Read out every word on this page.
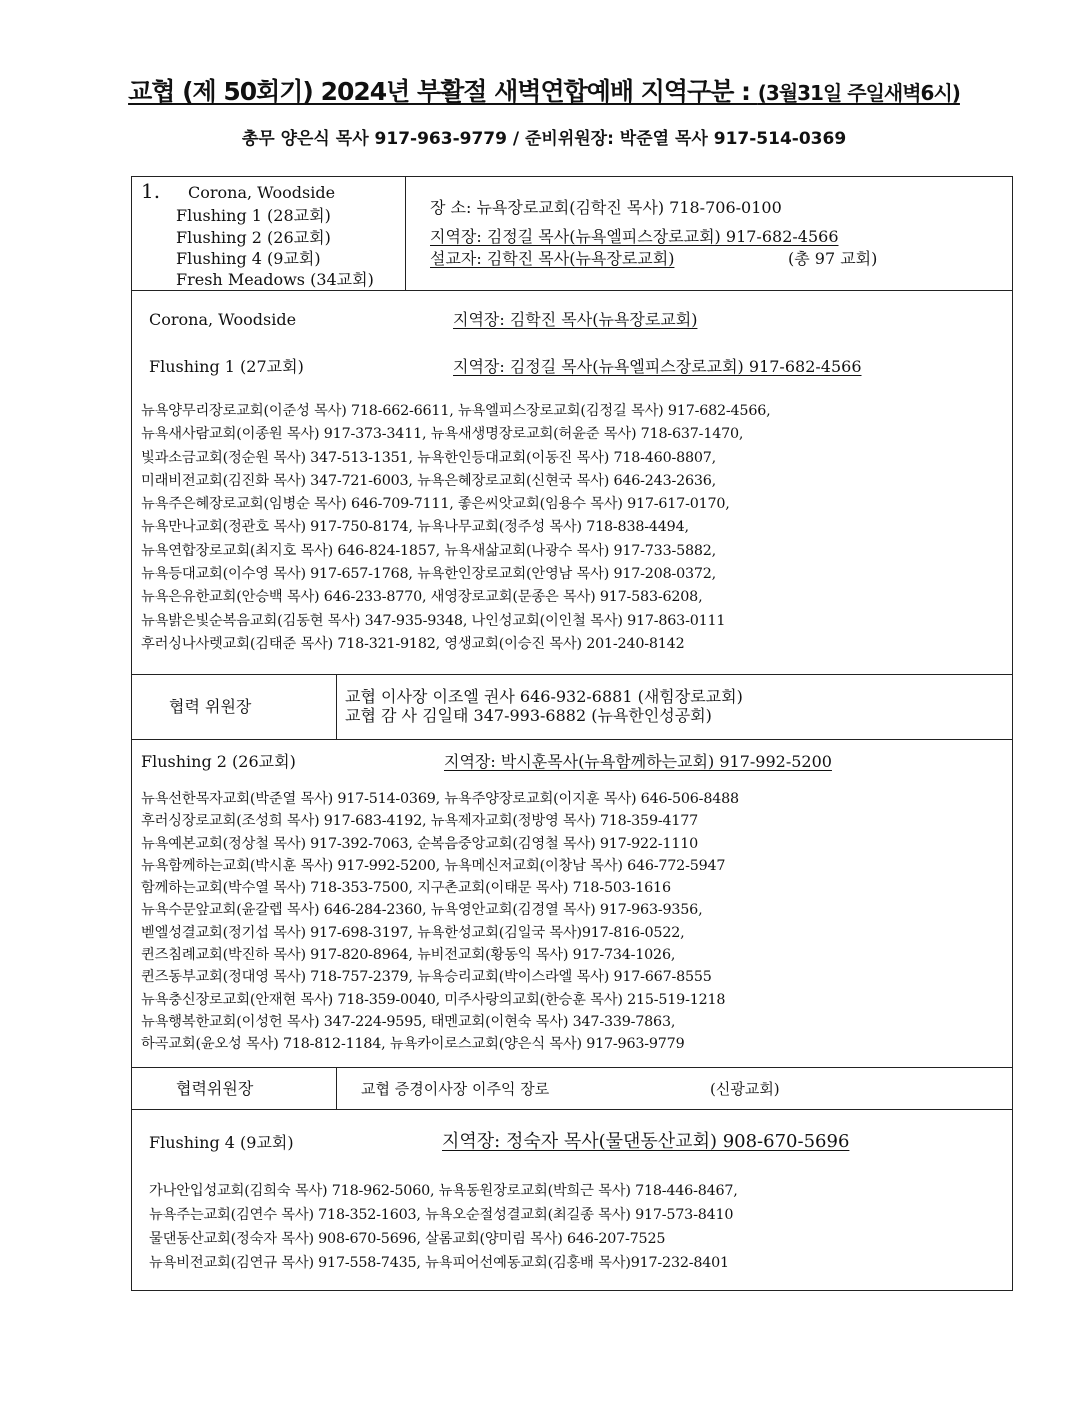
교협 (제 50회기) 2024년 부활절 새벽연합예배 지역구분 : (3월31일 주일새벽6시)
총무 양은식 목사 917-963-9779 / 준비위원장: 박준열 목사 917-514-0369
1. Corona, Woodside
Flushing 1 (28교회)
Flushing 2 (26교회)
Flushing 4 (9교회)
Fresh Meadows (34교회)
장 소: 뉴욕장로교회(김학진 목사) 718-706-0100
지역장: 김정길 목사(뉴욕엘피스장로교회) 917-682-4566
설교자: 김학진 목사(뉴욕장로교회)	(총 97 교회)
Corona, Woodside	지역장: 김학진 목사(뉴욕장로교회)
Flushing 1 (27교회)	지역장: 김정길 목사(뉴욕엘피스장로교회) 917-682-4566
뉴욕양무리장로교회(이준성 목사) 718-662-6611, 뉴욕엘피스장로교회(김정길 목사) 917-682-4566,
뉴욕새사람교회(이종원 목사) 917-373-3411, 뉴욕새생명장로교회(허윤준 목사) 718-637-1470,
빛과소금교회(정순원 목사) 347-513-1351, 뉴욕한인등대교회(이동진 목사) 718-460-8807,
미래비전교회(김진화 목사) 347-721-6003, 뉴욕은혜장로교회(신현국 목사) 646-243-2636,
뉴욕주은혜장로교회(임병순 목사) 646-709-7111, 좋은씨앗교회(임용수 목사) 917-617-0170,
뉴욕만나교회(정관호 목사) 917-750-8174, 뉴욕나무교회(정주성 목사) 718-838-4494,
뉴욕연합장로교회(최지호 목사) 646-824-1857, 뉴욕새삶교회(나광수 목사) 917-733-5882,
뉴욕등대교회(이수영 목사) 917-657-1768, 뉴욕한인장로교회(안영남 목사) 917-208-0372,
뉴욕은유한교회(안승백 목사) 646-233-8770, 새영장로교회(문종은 목사) 917-583-6208,
뉴욕밝은빛순복음교회(김동현 목사) 347-935-9348, 나인성교회(이인철 목사) 917-863-0111
후러싱나사렛교회(김태준 목사) 718-321-9182, 영생교회(이승진 목사) 201-240-8142
협력 위원장
교협 이사장 이조엘 권사 646-932-6881 (새힘장로교회)
교협 감 사 김일태 347-993-6882 (뉴욕한인성공회)
Flushing 2 (26교회)	지역장: 박시훈목사(뉴욕함께하는교회) 917-992-5200
뉴욕선한목자교회(박준열 목사) 917-514-0369, 뉴욕주양장로교회(이지훈 목사) 646-506-8488
후러싱장로교회(조성희 목사) 917-683-4192, 뉴욕제자교회(정방영 목사) 718-359-4177
뉴욕예본교회(정상철 목사) 917-392-7063, 순복음중앙교회(김영철 목사) 917-922-1110
뉴욕함께하는교회(박시훈 목사) 917-992-5200, 뉴욕메신저교회(이창남 목사) 646-772-5947
함께하는교회(박수열 목사) 718-353-7500, 지구촌교회(이태문 목사) 718-503-1616
뉴욕수문앞교회(윤갈렙 목사) 646-284-2360, 뉴욕영안교회(김경열 목사) 917-963-9356,
벧엘성결교회(정기섭 목사) 917-698-3197, 뉴욕한성교회(김일국 목사)917-816-0522,
퀸즈침례교회(박진하 목사) 917-820-8964, 뉴비전교회(황동익 목사) 917-734-1026,
퀸즈동부교회(정대영 목사) 718-757-2379, 뉴욕승리교회(박이스라엘 목사) 917-667-8555
뉴욕충신장로교회(안재현 목사) 718-359-0040, 미주사랑의교회(한승훈 목사) 215-519-1218
뉴욕행복한교회(이성헌 목사) 347-224-9595, 태멘교회(이현숙 목사) 347-339-7863,
하곡교회(윤오성 목사) 718-812-1184, 뉴욕카이로스교회(양은식 목사) 917-963-9779
협력위원장	교협 증경이사장 이주익 장로	(신광교회)
Flushing 4 (9교회)	지역장: 정숙자 목사(물댄동산교회) 908-670-5696
가나안입성교회(김희숙 목사) 718-962-5060, 뉴욕동원장로교회(박희근 목사) 718-446-8467,
뉴욕주는교회(김연수 목사) 718-352-1603, 뉴욕오순절성결교회(최길종 목사) 917-573-8410
물댄동산교회(정숙자 목사) 908-670-5696, 살롬교회(양미림 목사) 646-207-7525
뉴욕비전교회(김연규 목사) 917-558-7435, 뉴욕피어선예동교회(김홍배 목사)917-232-8401
